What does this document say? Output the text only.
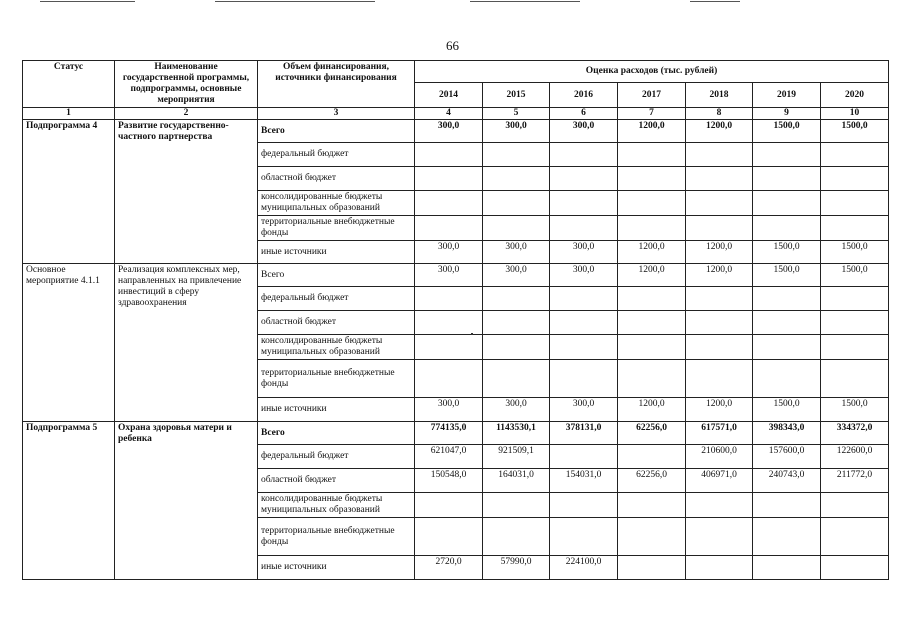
66
Статус	Наименование государственной программы, подпрограммы, основные мероприятия	Объем финансирования, источники финансирования	Оценка расходов (тыс. рублей)						
			2014	2015	2016	2017	2018	2019	2020
1	2	3	4	5	6	7	8	9	10
Подпрограмма 4	Развитие государственно-частного партнерства	Всего	300,0	300,0	300,0	1200,0	1200,0	1500,0	1500,0
		федеральный бюджет							
		областной бюджет							
		консолидированные бюджеты муниципальных образований							
		территориальные внебюджетные фонды							
		иные источники	300,0	300,0	300,0	1200,0	1200,0	1500,0	1500,0
Основное мероприятие 4.1.1	Реализация комплексных мер, направленных на привлечение инвестиций в сферу здравоохранения	Всего	300,0	300,0	300,0	1200,0	1200,0	1500,0	1500,0
		федеральный бюджет							
		областной бюджет							
		консолидированные бюджеты муниципальных образований							
		территориальные внебюджетные фонды							
		иные источники	300,0	300,0	300,0	1200,0	1200,0	1500,0	1500,0
Подпрограмма 5	Охрана здоровья матери и ребенка	Всего	774135,0	1143530,1	378131,0	62256,0	617571,0	398343,0	334372,0
		федеральный бюджет	621047,0	921509,1			210600,0	157600,0	122600,0
		областной бюджет	150548,0	164031,0	154031,0	62256,0	406971,0	240743,0	211772,0
		консолидированные бюджеты муниципальных образований							
		территориальные внебюджетные фонды							
		иные источники	2720,0	57990,0	224100,0				
